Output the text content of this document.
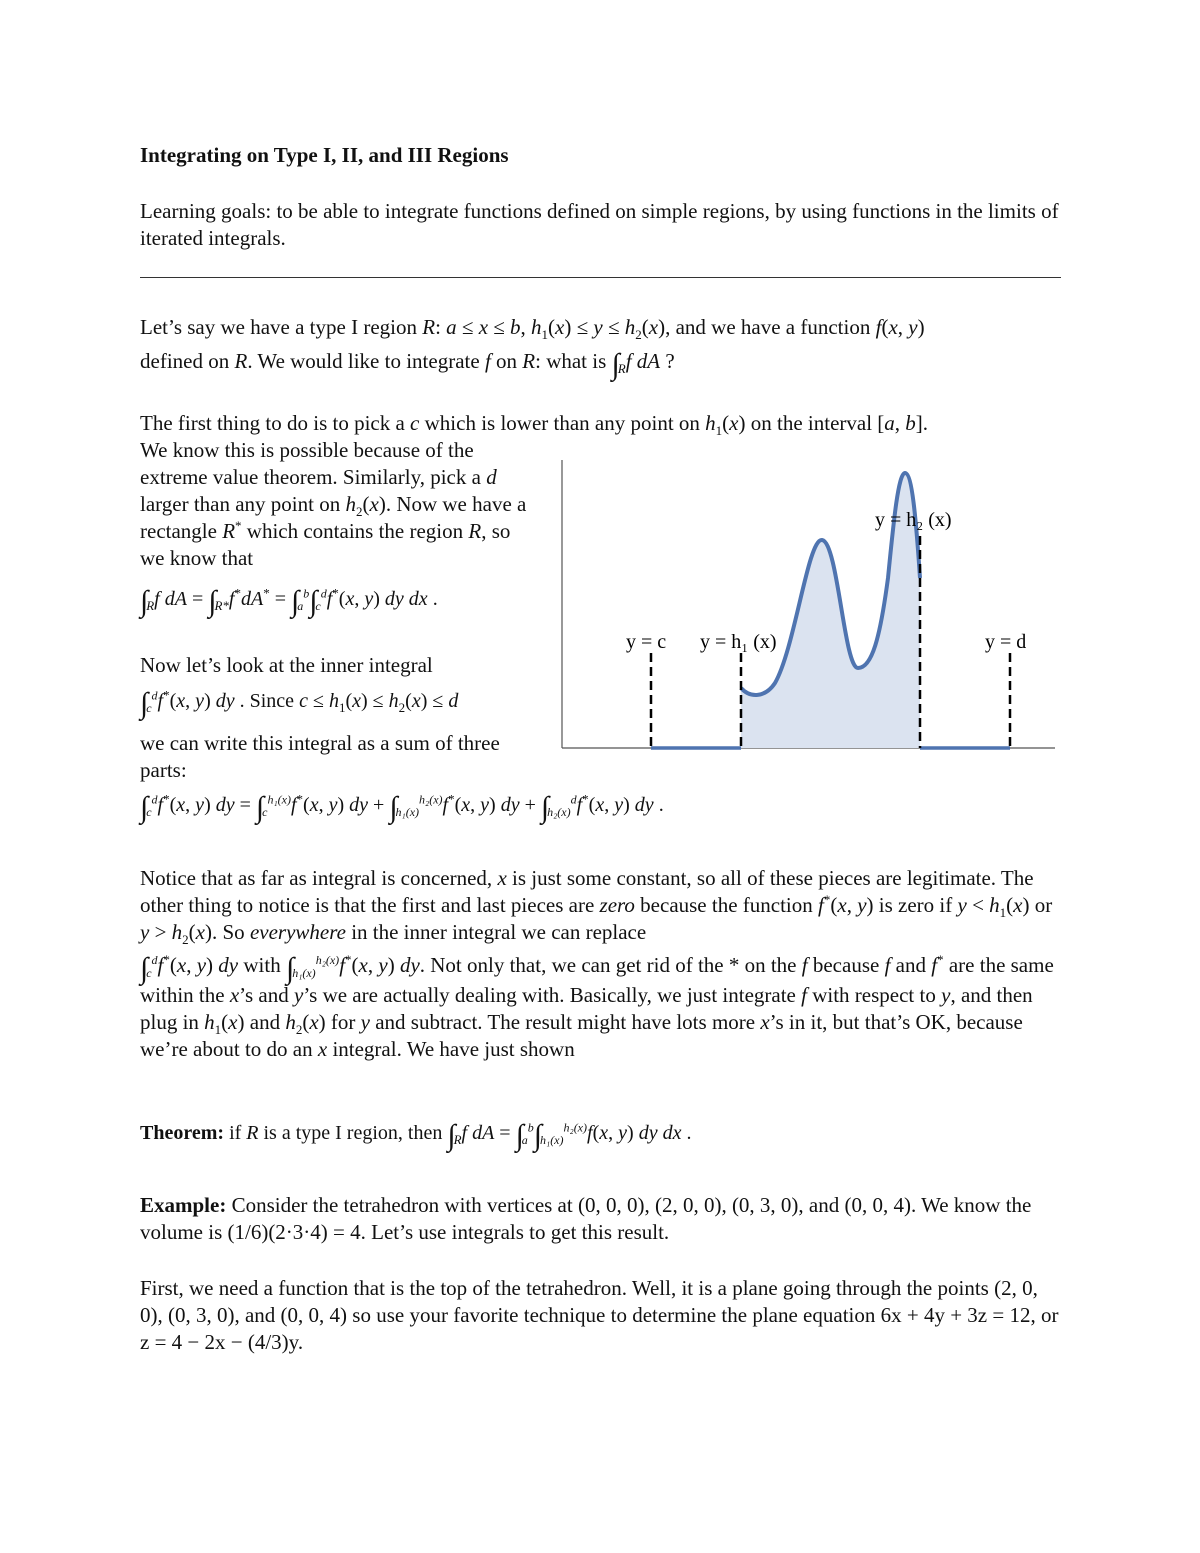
Integrating on Type I, II, and III Regions
Learning goals: to be able to integrate functions defined on simple regions, by using functions in the limits of iterated integrals.
Let’s say we have a type I region R: a ≤ x ≤ b, $h_1(x) \le y \le h_2(x)$, and we have a function f(x, y)
defined on R. We would like to integrate f on R: what is $\int_Rf$ dA ?
The first thing to do is to pick a c which is lower than any point on $h_1(x)$ on the interval [a, b].
We know this is possible because of the extreme value theorem. Similarly, pick a d larger than any point on $h_2(x)$. Now we have a rectangle R* which contains the region R, so we know that
$\int_Rf$ dA = $\int_{R*}f^*dA^* = \int_a^b\int_c^df^*(x$, y) dy dx .
Now let’s look at the inner integral
$\int_c^df^*(x$, y) dy . Since $c \le h_1(x) \le h_2(x) \le d$
we can write this integral as a sum of three parts:
$\int_c^df^*(x$, y) dy = $\int_c^{h_1(x)}f^*(x$, y) dy + $\int_{h_1(x)}^{h_2(x)}f^*(x$, y) dy + $\int_{h_2(x)}^df^*(x$, y) dy .
y = c y = h₁ (x)
y = h₂ (x)
y = d
Notice that as far as integral is concerned, x is just some constant, so all of these pieces are legitimate. The other thing to notice is that the first and last pieces are zero because the function f*(x, y) is zero if $y < h_1(x)$ or $y > h_2(x)$. So everywhere in the inner integral we can replace
$\int_c^df^*(x$, y) dy with $\int_{h_1(x)}^{h_2(x)}f^*(x$, y) dy. Not only that, we can get rid of the * on the f because f and f* are the same within the x’s and y’s we are actually dealing with. Basically, we just integrate f with respect to y, and then plug in $h_1(x)$ and $h_2(x)$ for y and subtract. The result might have lots more x’s in it, but that’s OK, because we’re about to do an x integral. We have just shown
Theorem: if R is a type I region, then $\int_Rf$ dA = $\int_a^b\int_{h_1(x)}^{h_2(x)}f(x$, y) dy dx .
Example: Consider the tetrahedron with vertices at (0, 0, 0), (2, 0, 0), (0, 3, 0), and (0, 0, 4). We know the volume is (1/6)(2·3·4) = 4. Let’s use integrals to get this result.
First, we need a function that is the top of the tetrahedron. Well, it is a plane going through the points (2, 0, 0), (0, 3, 0), and (0, 0, 4) so use your favorite technique to determine the plane equation 6x + 4y + 3z = 12, or z = 4 − 2x − (4/3)y.
